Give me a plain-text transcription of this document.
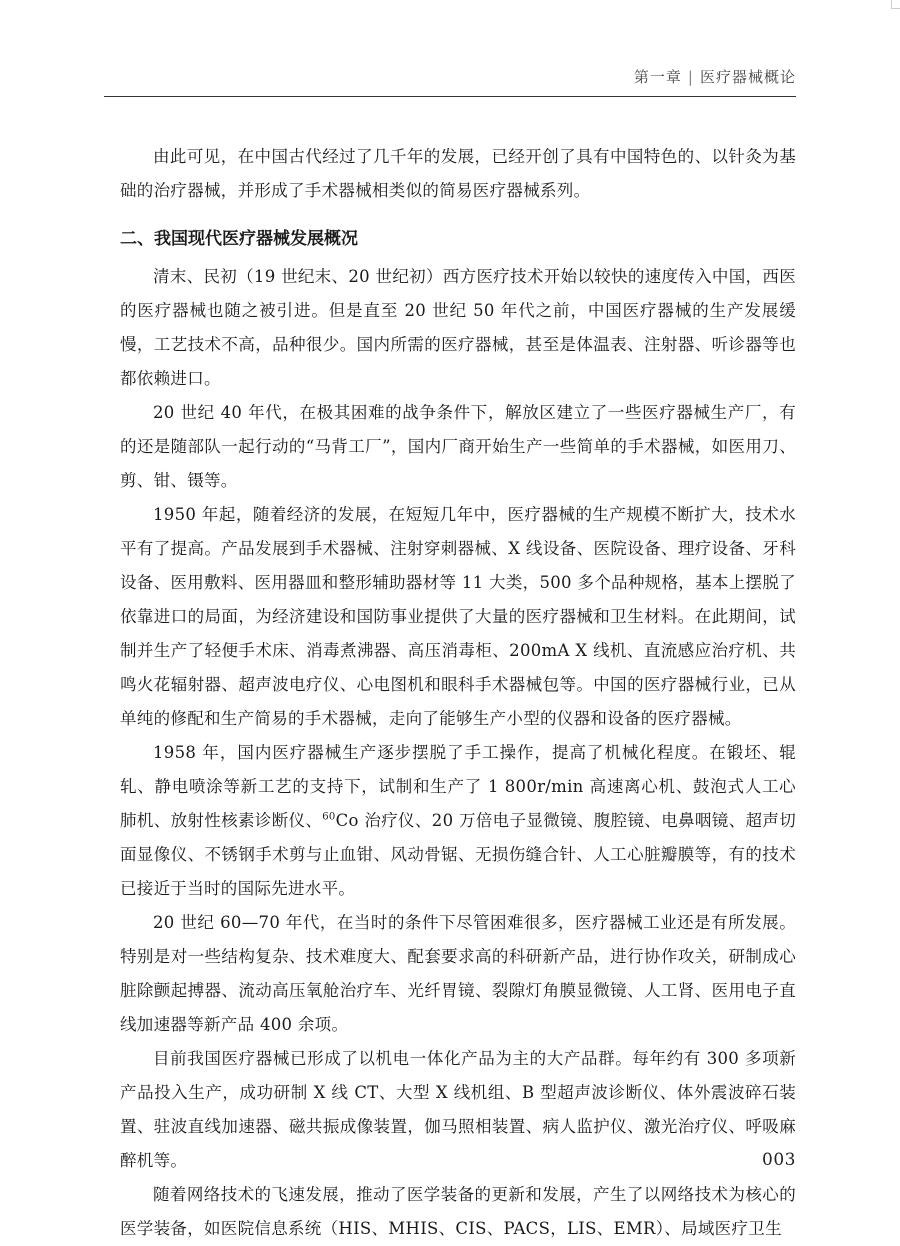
第一章 | 医疗器械概论

由此可见，在中国古代经过了几千年的发展，已经开创了具有中国特色的、以针灸为基础的治疗器械，并形成了手术器械相类似的简易医疗器械系列。

二、我国现代医疗器械发展概况

清末、民初（19 世纪末、20 世纪初）西方医疗技术开始以较快的速度传入中国，西医的医疗器械也随之被引进。但是直至 20 世纪 50 年代之前，中国医疗器械的生产发展缓慢，工艺技术不高，品种很少。国内所需的医疗器械，甚至是体温表、注射器、听诊器等也都依赖进口。

20 世纪 40 年代，在极其困难的战争条件下，解放区建立了一些医疗器械生产厂，有的还是随部队一起行动的“马背工厂”，国内厂商开始生产一些简单的手术器械，如医用刀、剪、钳、镊等。

1950 年起，随着经济的发展，在短短几年中，医疗器械的生产规模不断扩大，技术水平有了提高。产品发展到手术器械、注射穿刺器械、X 线设备、医院设备、理疗设备、牙科设备、医用敷料、医用器皿和整形辅助器材等 11 大类，500 多个品种规格，基本上摆脱了依靠进口的局面，为经济建设和国防事业提供了大量的医疗器械和卫生材料。在此期间，试制并生产了轻便手术床、消毒煮沸器、高压消毒柜、200mA X 线机、直流感应治疗机、共鸣火花辐射器、超声波电疗仪、心电图机和眼科手术器械包等。中国的医疗器械行业，已从单纯的修配和生产简易的手术器械，走向了能够生产小型的仪器和设备的医疗器械。

1958 年，国内医疗器械生产逐步摆脱了手工操作，提高了机械化程度。在锻坯、辊轧、静电喷涂等新工艺的支持下，试制和生产了 1 800r/min 高速离心机、鼓泡式人工心肺机、放射性核素诊断仪、$^{60}$Co 治疗仪、20 万倍电子显微镜、腹腔镜、电鼻咽镜、超声切面显像仪、不锈钢手术剪与止血钳、风动骨锯、无损伤缝合针、人工心脏瓣膜等，有的技术已接近于当时的国际先进水平。

20 世纪 60—70 年代，在当时的条件下尽管困难很多，医疗器械工业还是有所发展。特别是对一些结构复杂、技术难度大、配套要求高的科研新产品，进行协作攻关，研制成心脏除颤起搏器、流动高压氧舱治疗车、光纤胃镜、裂隙灯角膜显微镜、人工肾、医用电子直线加速器等新产品 400 余项。

目前我国医疗器械已形成了以机电一体化产品为主的大产品群。每年约有 300 多项新产品投入生产，成功研制 X 线 CT、大型 X 线机组、B 型超声波诊断仪、体外震波碎石装置、驻波直线加速器、磁共振成像装置，伽马照相装置、病人监护仪、激光治疗仪、呼吸麻醉机等。

随着网络技术的飞速发展，推动了医学装备的更新和发展，产生了以网络技术为核心的医学装备，如医院信息系统（HIS、MHIS、CIS、PACS，LIS、EMR）、局域医疗卫生

003
